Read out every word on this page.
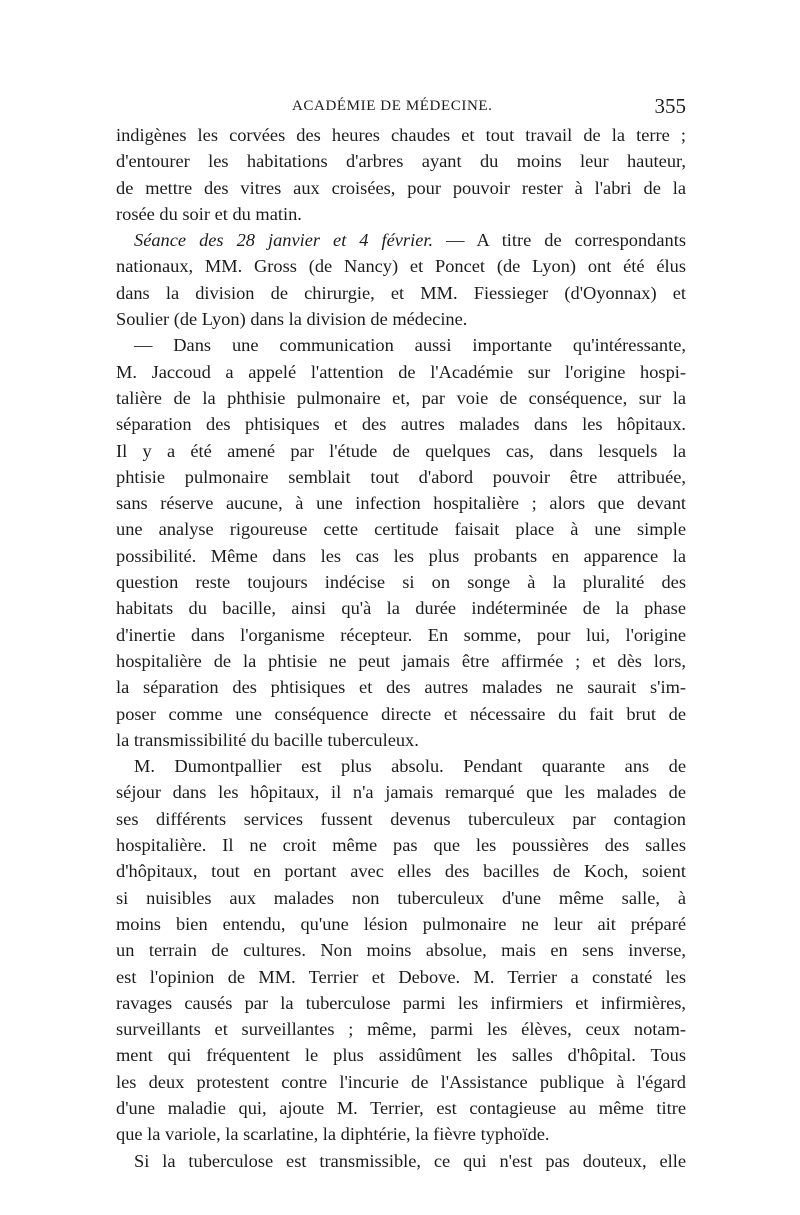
ACADÉMIE DE MÉDECINE.	355
indigènes les corvées des heures chaudes et tout travail de la terre ;
d'entourer les habitations d'arbres ayant du moins leur hauteur,
de mettre des vitres aux croisées, pour pouvoir rester à l'abri de la
rosée du soir et du matin.
Séance des 28 janvier et 4 février. — A titre de correspondants
nationaux, MM. Gross (de Nancy) et Poncet (de Lyon) ont été élus
dans la division de chirurgie, et MM. Fiessieger (d'Oyonnax) et
Soulier (de Lyon) dans la division de médecine.
— Dans une communication aussi importante qu'intéressante,
M. Jaccoud a appelé l'attention de l'Académie sur l'origine hospi-
talière de la phthisie pulmonaire et, par voie de conséquence, sur la
séparation des phtisiques et des autres malades dans les hôpitaux.
Il y a été amené par l'étude de quelques cas, dans lesquels la
phtisie pulmonaire semblait tout d'abord pouvoir être attribuée,
sans réserve aucune, à une infection hospitalière ; alors que devant
une analyse rigoureuse cette certitude faisait place à une simple
possibilité. Même dans les cas les plus probants en apparence la
question reste toujours indécise si on songe à la pluralité des
habitats du bacille, ainsi qu'à la durée indéterminée de la phase
d'inertie dans l'organisme récepteur. En somme, pour lui, l'origine
hospitalière de la phtisie ne peut jamais être affirmée ; et dès lors,
la séparation des phtisiques et des autres malades ne saurait s'im-
poser comme une conséquence directe et nécessaire du fait brut de
la transmissibilité du bacille tuberculeux.
M. Dumontpallier est plus absolu. Pendant quarante ans de
séjour dans les hôpitaux, il n'a jamais remarqué que les malades de
ses différents services fussent devenus tuberculeux par contagion
hospitalière. Il ne croit même pas que les poussières des salles
d'hôpitaux, tout en portant avec elles des bacilles de Koch, soient
si nuisibles aux malades non tuberculeux d'une même salle, à
moins bien entendu, qu'une lésion pulmonaire ne leur ait préparé
un terrain de cultures. Non moins absolue, mais en sens inverse,
est l'opinion de MM. Terrier et Debove. M. Terrier a constaté les
ravages causés par la tuberculose parmi les infirmiers et infirmières,
surveillants et surveillantes ; même, parmi les élèves, ceux notam-
ment qui fréquentent le plus assidûment les salles d'hôpital. Tous
les deux protestent contre l'incurie de l'Assistance publique à l'égard
d'une maladie qui, ajoute M. Terrier, est contagieuse au même titre
que la variole, la scarlatine, la diphtérie, la fièvre typhoïde.
Si la tuberculose est transmissible, ce qui n'est pas douteux, elle
